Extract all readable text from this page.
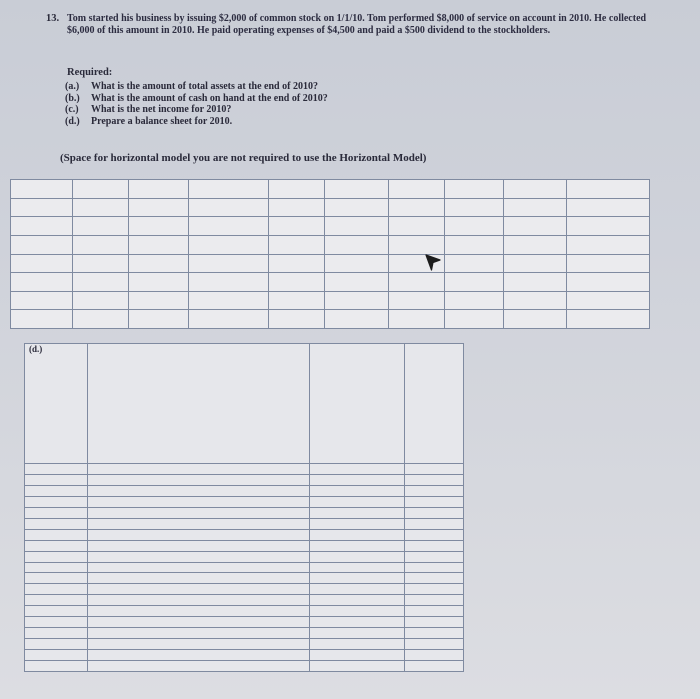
13. Tom started his business by issuing $2,000 of common stock on 1/1/10. Tom performed $8,000 of service on account in 2010. He collected $6,000 of this amount in 2010. He paid operating expenses of $4,500 and paid a $500 dividend to the stockholders.
Required:
(a.) What is the amount of total assets at the end of 2010?
(b.) What is the amount of cash on hand at the end of 2010?
(c.) What is the net income for 2010?
(d.) Prepare a balance sheet for 2010.
(Space for horizontal model you are not required to use the Horizontal Model)

(d.)			
